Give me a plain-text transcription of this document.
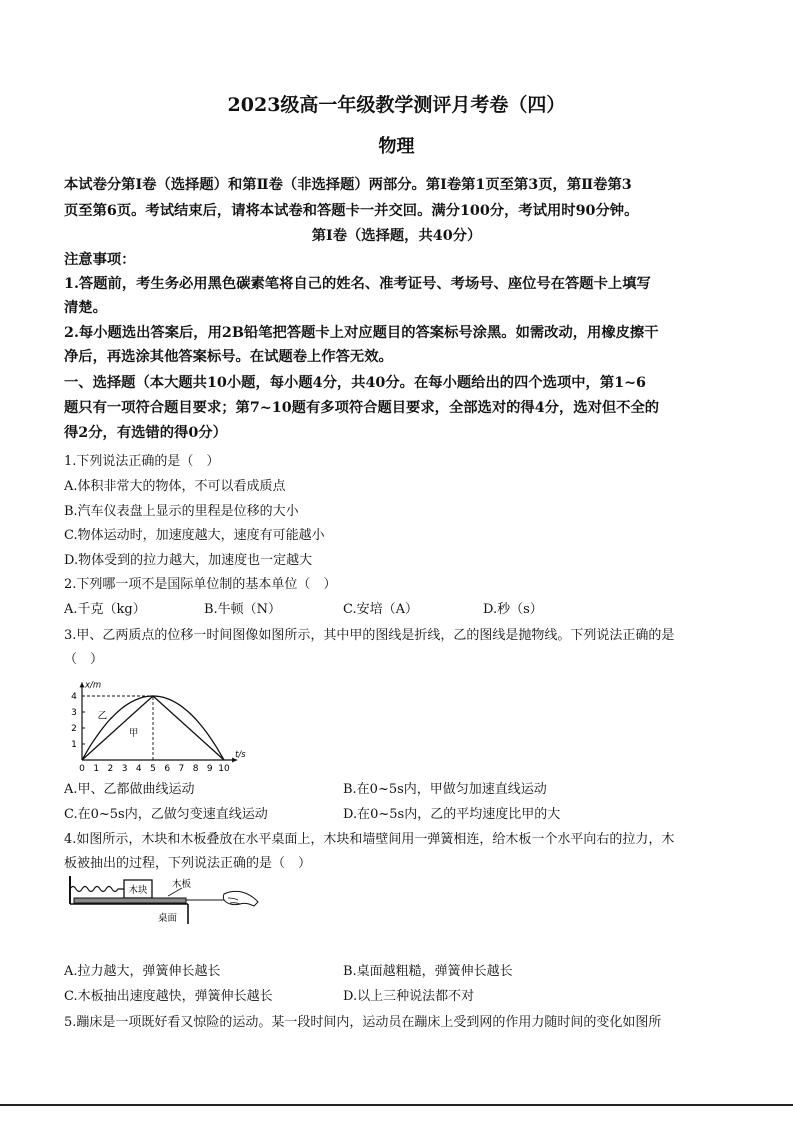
2023级高一年级教学测评月考卷（四）
物理
本试卷分第Ⅰ卷（选择题）和第Ⅱ卷（非选择题）两部分。第Ⅰ卷第1页至第3页，第Ⅱ卷第3
页至第6页。考试结束后，请将本试卷和答题卡一并交回。满分100分，考试用时90分钟。
第Ⅰ卷（选择题，共40分）
注意事项：
1.答题前，考生务必用黑色碳素笔将自己的姓名、准考证号、考场号、座位号在答题卡上填写
清楚。
2.每小题选出答案后，用2B铅笔把答题卡上对应题目的答案标号涂黑。如需改动，用橡皮擦干
净后，再选涂其他答案标号。在试题卷上作答无效。
一、选择题（本大题共10小题，每小题4分，共40分。在每小题给出的四个选项中，第1~6
题只有一项符合题目要求；第7~10题有多项符合题目要求，全部选对的得4分，选对但不全的
得2分，有选错的得0分）
1.下列说法正确的是（　）
A.体积非常大的物体，不可以看成质点
B.汽车仪表盘上显示的里程是位移的大小
C.物体运动时，加速度越大，速度有可能越小
D.物体受到的拉力越大，加速度也一定越大
2.下列哪一项不是国际单位制的基本单位（　）
A.千克（kg）	B.牛顿（N）	C.安培（A）	D.秒（s）
3.甲、乙两质点的位移一时间图像如图所示，其中甲的图线是折线，乙的图线是抛物线。下列说法正确的是
（　）
0 1 2 3 4 5 6 7 8 9 10
1
2
3
4
t/s
x/m
甲
乙
A.甲、乙都做曲线运动	B.在0~5s内，甲做匀加速直线运动
C.在0~5s内，乙做匀变速直线运动	D.在0~5s内，乙的平均速度比甲的大
4.如图所示，木块和木板叠放在水平桌面上，木块和墙壁间用一弹簧相连，给木板一个水平向右的拉力，木
板被抽出的过程，下列说法正确的是（　）
木块
木板
桌面
A.拉力越大，弹簧伸长越长	B.桌面越粗糙，弹簧伸长越长
C.木板抽出速度越快，弹簧伸长越长	D.以上三种说法都不对
5.蹦床是一项既好看又惊险的运动。某一段时间内，运动员在蹦床上受到网的作用力随时间的变化如图所
